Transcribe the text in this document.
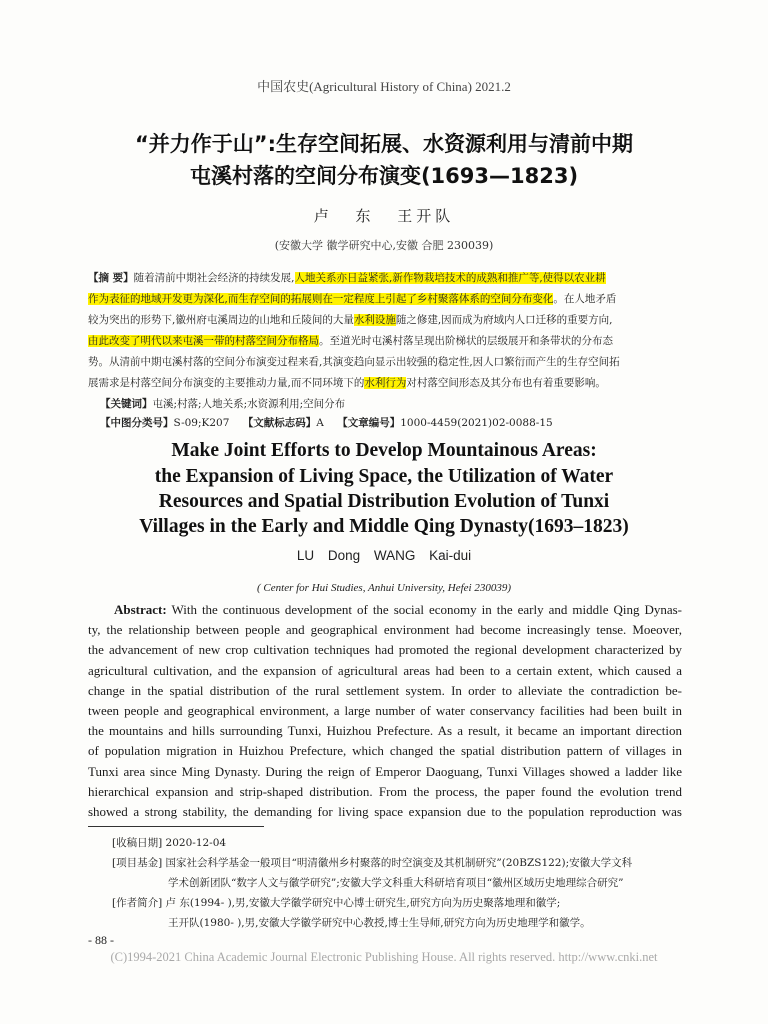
中国农史(Agricultural History of China) 2021.2
“并力作于山”:生存空间拓展、水资源利用与清前中期
屯溪村落的空间分布演变(1693—1823)
卢 东 王开队
(安徽大学 徽学研究中心,安徽 合肥 230039)
【摘 要】随着清前中期社会经济的持续发展,人地关系亦日益紧张,新作物栽培技术的成熟和推广等,使得以农业耕
作为表征的地域开发更为深化,而生存空间的拓展则在一定程度上引起了乡村聚落体系的空间分布变化。在人地矛盾
较为突出的形势下,徽州府屯溪周边的山地和丘陵间的大量水利设施随之修建,因而成为府域内人口迁移的重要方向,
由此改变了明代以来屯溪一带的村落空间分布格局。至道光时屯溪村落呈现出阶梯状的层级展开和条带状的分布态
势。从清前中期屯溪村落的空间分布演变过程来看,其演变趋向显示出较强的稳定性,因人口繁衍而产生的生存空间拓
展需求是村落空间分布演变的主要推动力量,而不同环境下的水利行为对村落空间形态及其分布也有着重要影响。
【关键词】屯溪;村落;人地关系;水资源利用;空间分布
【中图分类号】S-09;K207 【文献标志码】A 【文章编号】1000-4459(2021)02-0088-15
Make Joint Efforts to Develop Mountainous Areas:
the Expansion of Living Space, the Utilization of Water
Resources and Spatial Distribution Evolution of Tunxi
Villages in the Early and Middle Qing Dynasty(1693–1823)
LU Dong WANG Kai-dui
( Center for Hui Studies, Anhui University, Hefei 230039)
Abstract: With the continuous development of the social economy in the early and middle Qing Dynas-
ty, the relationship between people and geographical environment had become increasingly tense. Moeover,
the advancement of new crop cultivation techniques had promoted the regional development characterized by
agricultural cultivation, and the expansion of agricultural areas had been to a certain extent, which caused a
change in the spatial distribution of the rural settlement system. In order to alleviate the contradiction be-
tween people and geographical environment, a large number of water conservancy facilities had been built in
the mountains and hills surrounding Tunxi, Huizhou Prefecture. As a result, it became an important direction
of population migration in Huizhou Prefecture, which changed the spatial distribution pattern of villages in
Tunxi area since Ming Dynasty. During the reign of Emperor Daoguang, Tunxi Villages showed a ladder like
hierarchical expansion and strip-shaped distribution. From the process, the paper found the evolution trend
showed a strong stability, the demanding for living space expansion due to the population reproduction was
[收稿日期] 2020-12-04
[项目基金] 国家社会科学基金一般项目“明清徽州乡村聚落的时空演变及其机制研究”(20BZS122);安徽大学文科
学术创新团队“数字人文与徽学研究”;安徽大学文科重大科研培育项目“徽州区域历史地理综合研究”
[作者简介] 卢 东(1994- ),男,安徽大学徽学研究中心博士研究生,研究方向为历史聚落地理和徽学;
王开队(1980- ),男,安徽大学徽学研究中心教授,博士生导师,研究方向为历史地理学和徽学。
- 88 -
(C)1994-2021 China Academic Journal Electronic Publishing House. All rights reserved. http://www.cnki.net
